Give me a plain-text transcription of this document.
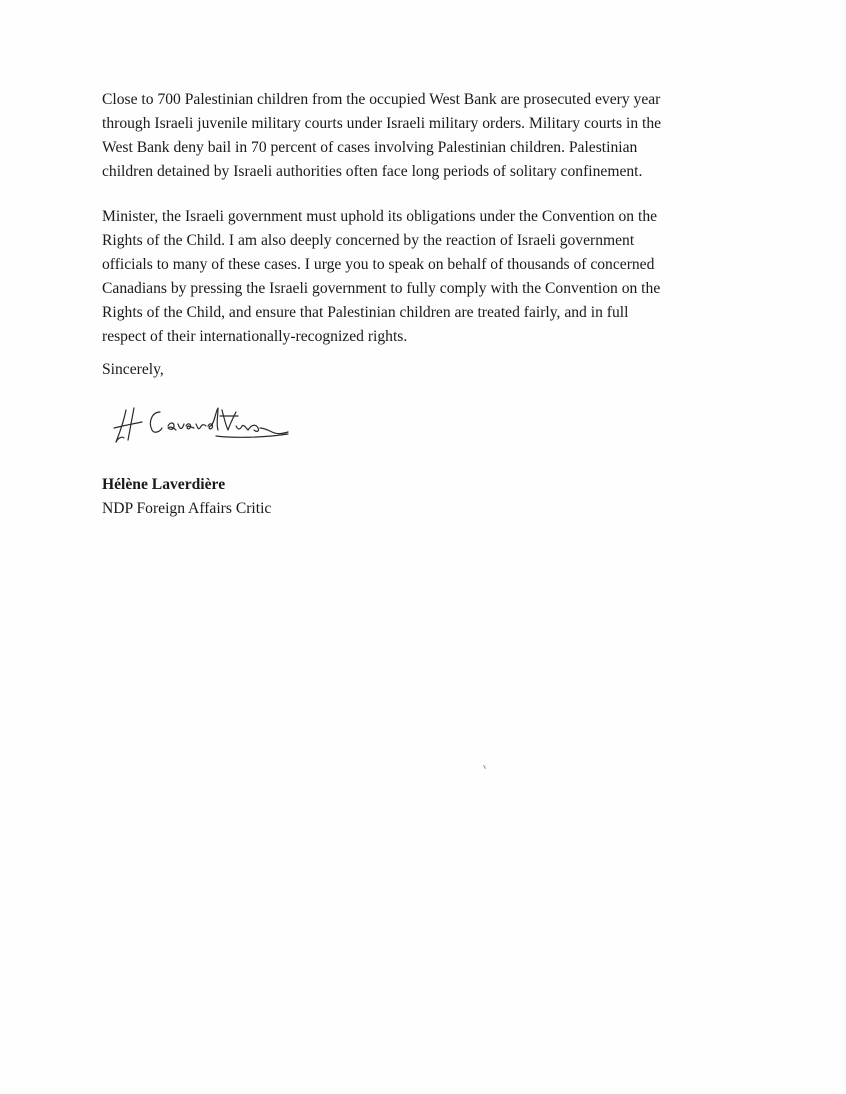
Close to 700 Palestinian children from the occupied West Bank are prosecuted every year
through Israeli juvenile military courts under Israeli military orders. Military courts in the
West Bank deny bail in 70 percent of cases involving Palestinian children. Palestinian
children detained by Israeli authorities often face long periods of solitary confinement.

Minister, the Israeli government must uphold its obligations under the Convention on the
Rights of the Child. I am also deeply concerned by the reaction of Israeli government
officials to many of these cases. I urge you to speak on behalf of thousands of concerned
Canadians by pressing the Israeli government to fully comply with the Convention on the
Rights of the Child, and ensure that Palestinian children are treated fairly, and in full
respect of their internationally-recognized rights.

Sincerely,

Hélène Laverdière

NDP Foreign Affairs Critic
